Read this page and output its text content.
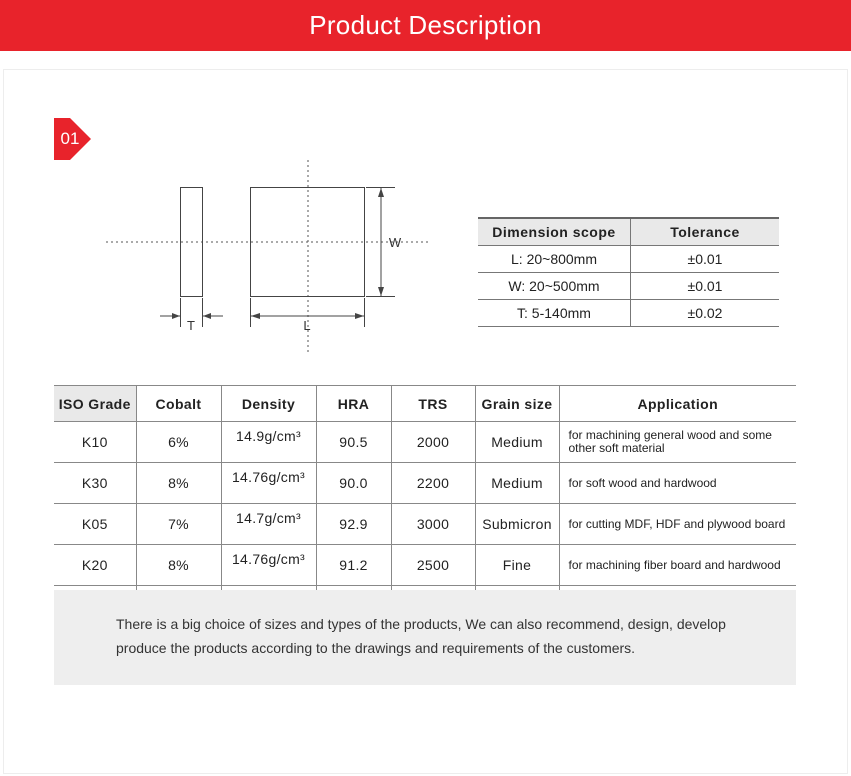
Product Description
01
T	L
W
Dimension scope	Tolerance
L: 20~800mm	±0.01
W: 20~500mm	±0.01
T: 5-140mm	±0.02
ISO Grade	Cobalt	Density	HRA	TRS	Grain size	Application
K10	6%	14.9g/cm³	90.5	2000	Medium	for machining general wood and some other soft material
K30	8%	14.76g/cm³	90.0	2200	Medium	for soft wood and hardwood
K05	7%	14.7g/cm³	92.9	3000	Submicron	for cutting MDF, HDF and plywood board
K20	8%	14.76g/cm³	91.2	2500	Fine	for machining fiber board and hardwood

There is a big choice of sizes and types of the products, We can also recommend, design, develop produce the products according to the drawings and requirements of the customers.
